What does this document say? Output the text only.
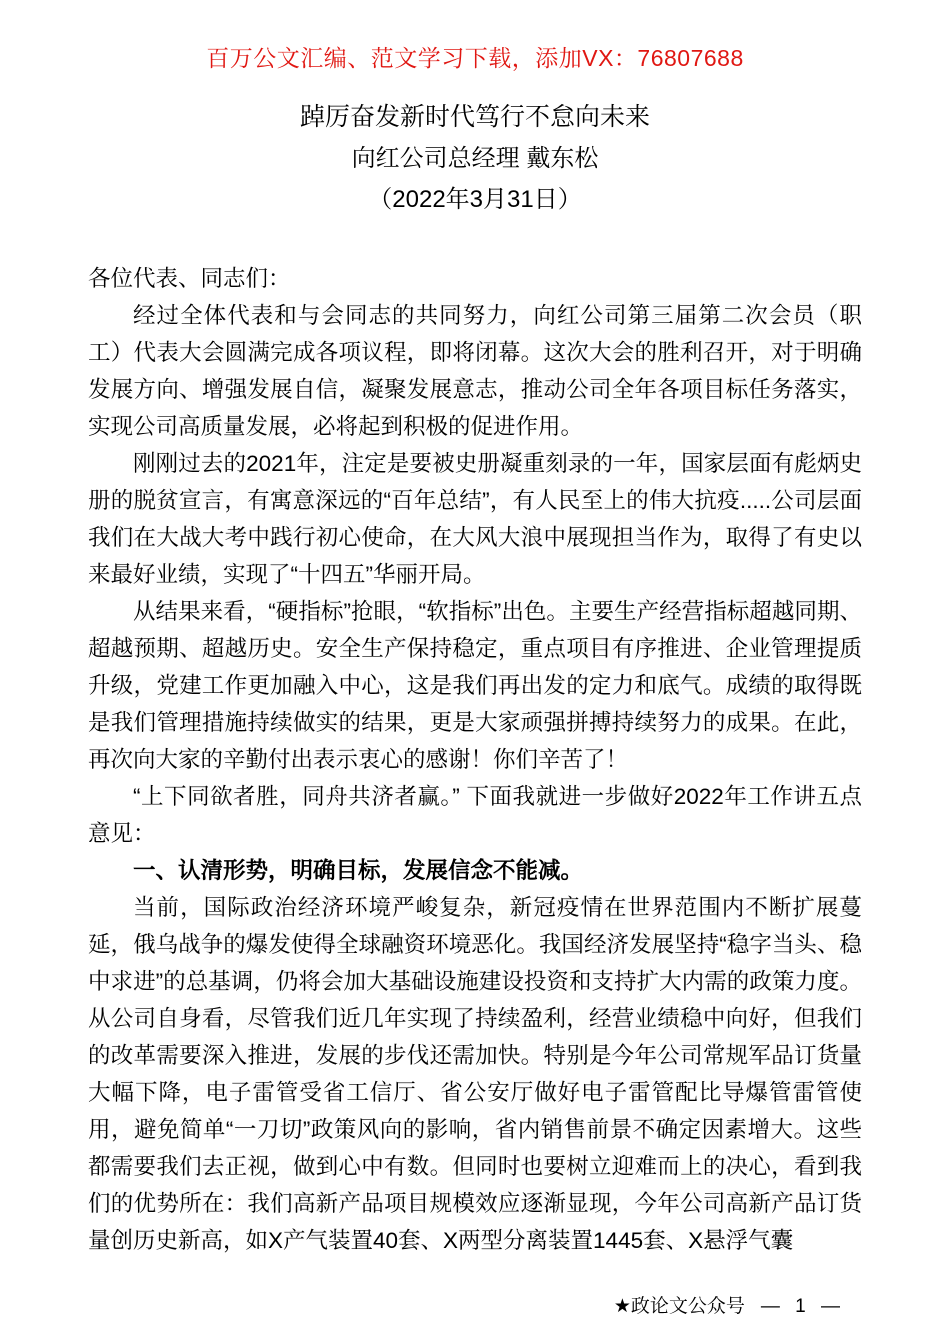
百万公文汇编、范文学习下载，添加VX：76807688
踔厉奋发新时代笃行不怠向未来
向红公司总经理 戴东松
（2022年3月31日）

各位代表、同志们：

经过全体代表和与会同志的共同努力，向红公司第三届第二次会员（职工）代表大会圆满完成各项议程，即将闭幕。这次大会的胜利召开，对于明确发展方向、增强发展自信，凝聚发展意志，推动公司全年各项目标任务落实，实现公司高质量发展，必将起到积极的促进作用。

刚刚过去的2021年，注定是要被史册凝重刻录的一年，国家层面有彪炳史册的脱贫宣言，有寓意深远的“百年总结”，有人民至上的伟大抗疫.....公司层面我们在大战大考中践行初心使命，在大风大浪中展现担当作为，取得了有史以来最好业绩，实现了“十四五”华丽开局。

从结果来看，“硬指标”抢眼，“软指标”出色。主要生产经营指标超越同期、超越预期、超越历史。安全生产保持稳定，重点项目有序推进、企业管理提质升级，党建工作更加融入中心，这是我们再出发的定力和底气。成绩的取得既是我们管理措施持续做实的结果，更是大家顽强拼搏持续努力的成果。在此，再次向大家的辛勤付出表示衷心的感谢！你们辛苦了！

“上下同欲者胜，同舟共济者赢。” 下面我就进一步做好2022年工作讲五点意见：

一、认清形势，明确目标，发展信念不能减。

当前，国际政治经济环境严峻复杂，新冠疫情在世界范围内不断扩展蔓延，俄乌战争的爆发使得全球融资环境恶化。我国经济发展坚持“稳字当头、稳中求进”的总基调，仍将会加大基础设施建设投资和支持扩大内需的政策力度。从公司自身看，尽管我们近几年实现了持续盈利，经营业绩稳中向好，但我们的改革需要深入推进，发展的步伐还需加快。特别是今年公司常规军品订货量大幅下降，电子雷管受省工信厅、省公安厅做好电子雷管配比导爆管雷管使用，避免简单“一刀切”政策风向的影响，省内销售前景不确定因素增大。这些都需要我们去正视，做到心中有数。但同时也要树立迎难而上的决心，看到我们的优势所在：我们高新产品项目规模效应逐渐显现，今年公司高新产品订货量创历史新高，如X产气装置40套、X两型分离装置1445套、X悬浮气囊

★政论文公众号 — 1 —
